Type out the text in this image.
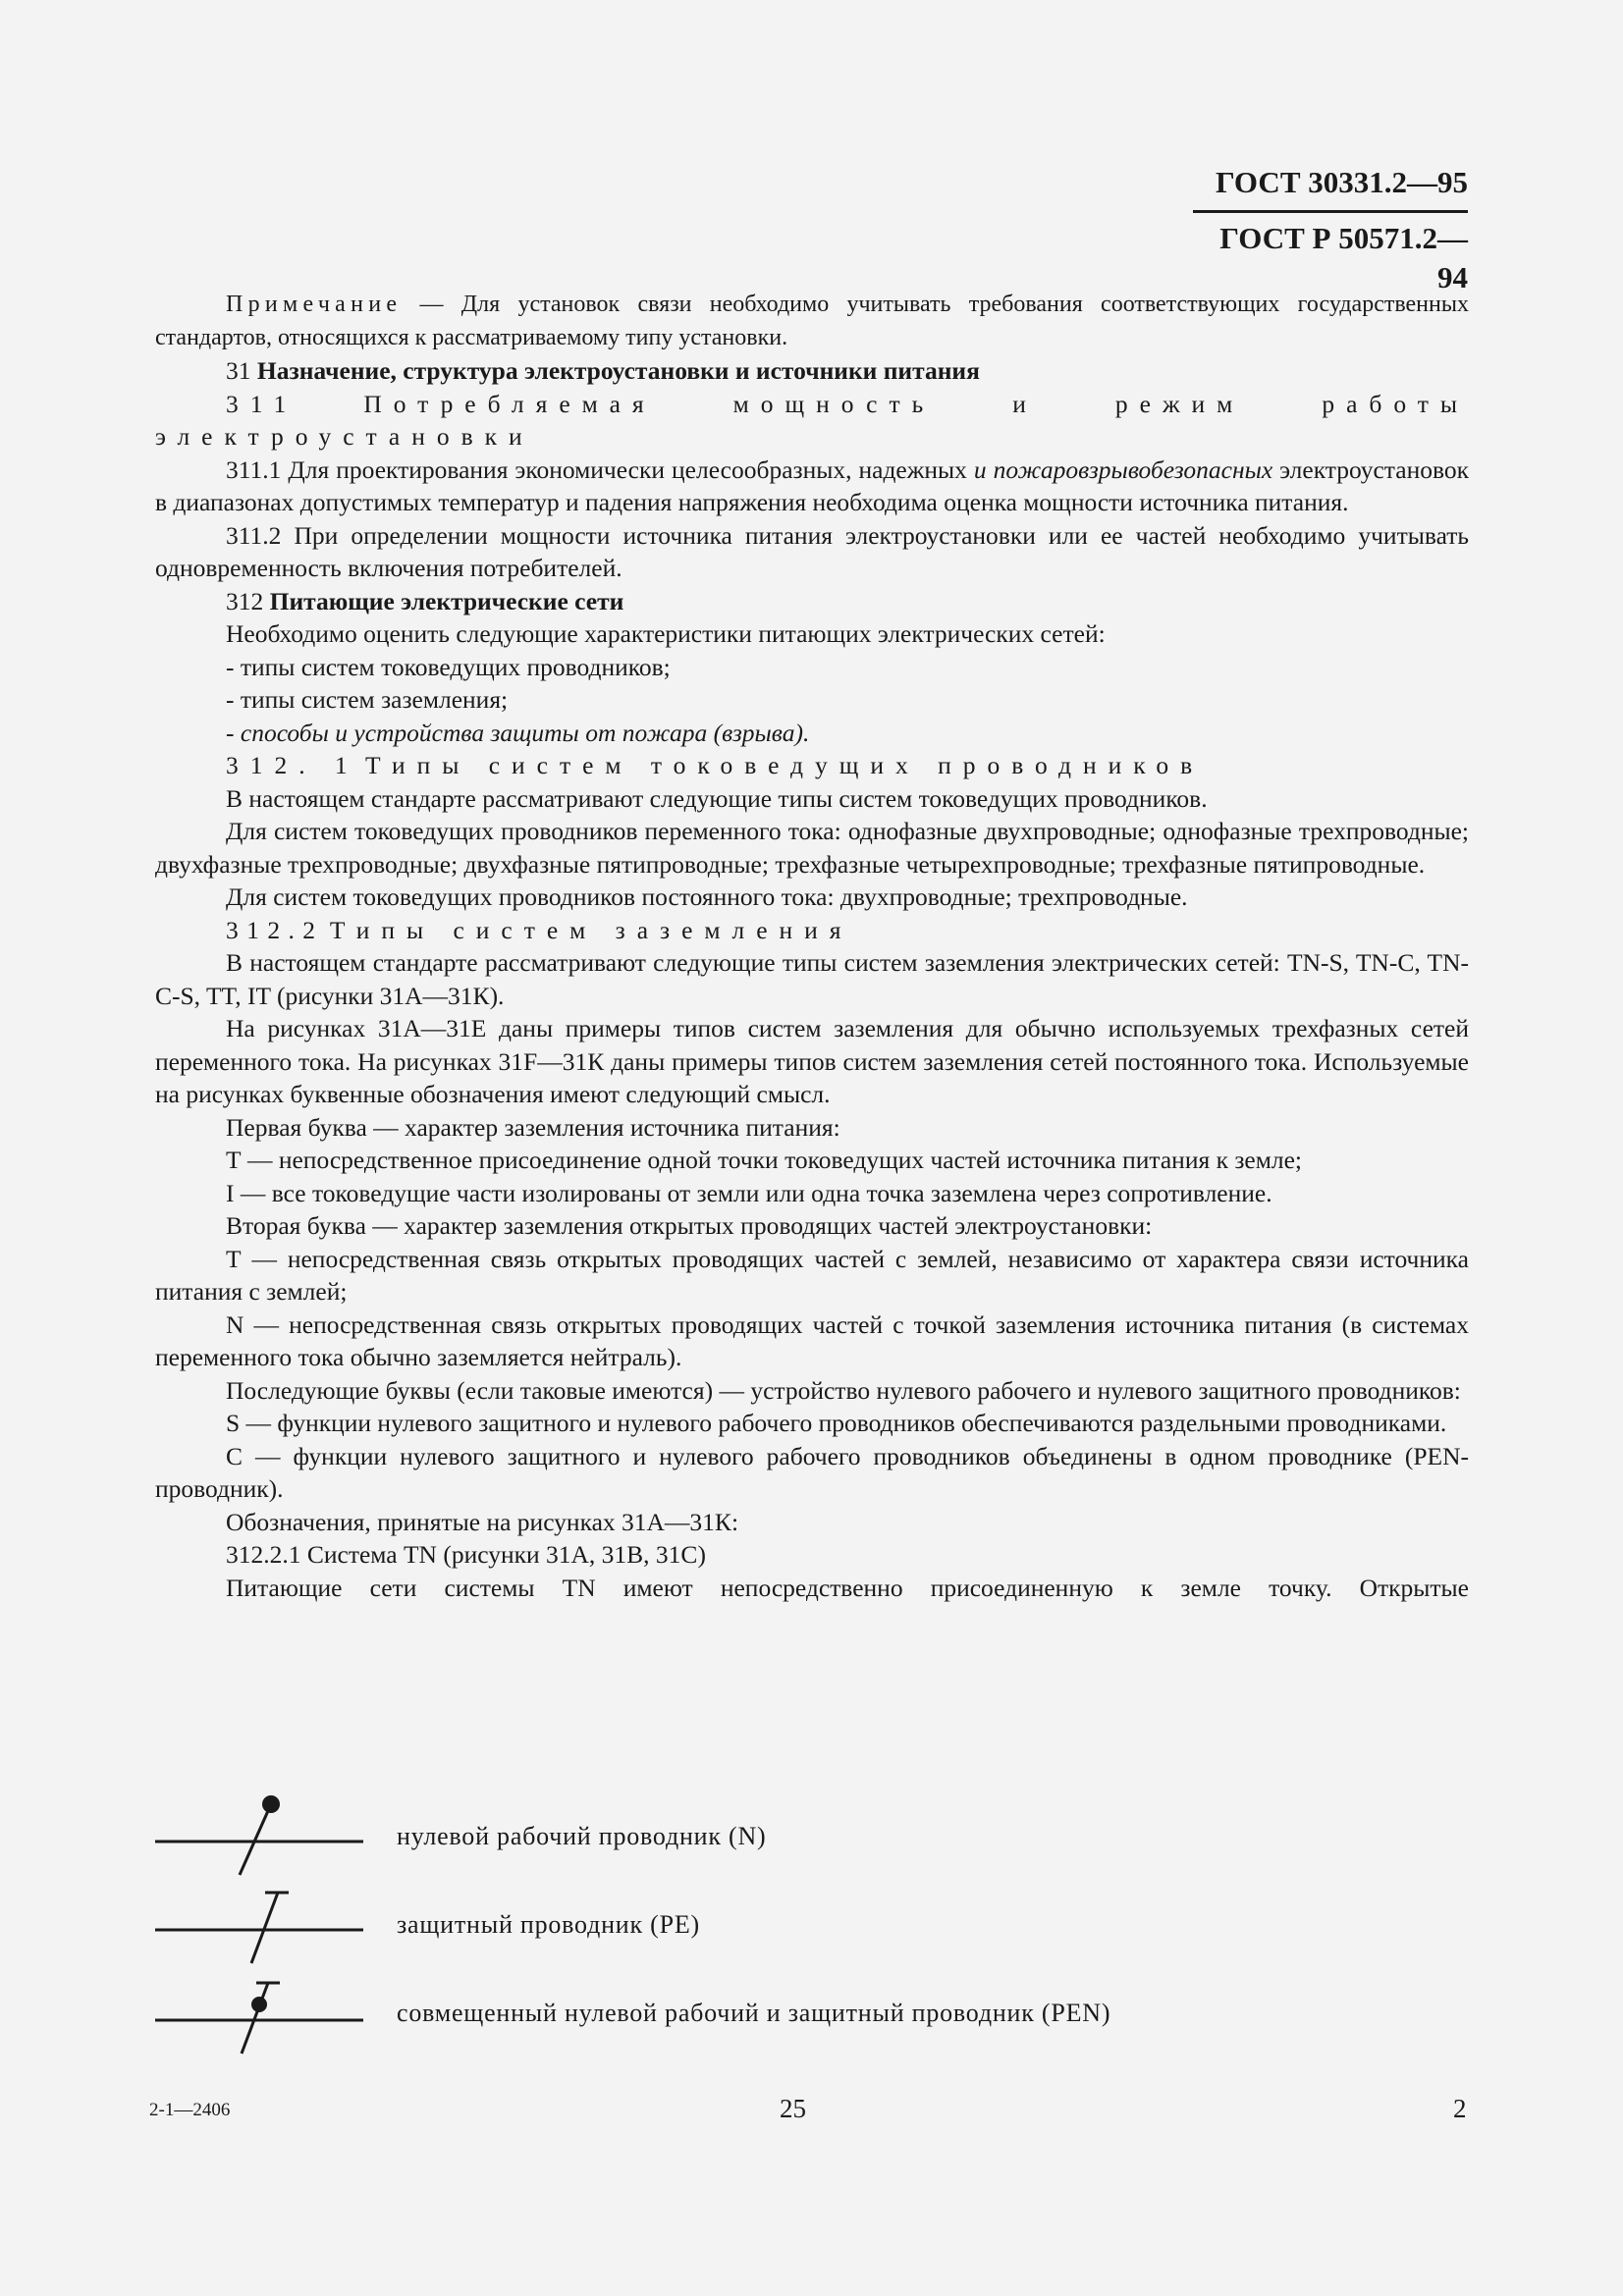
ГОСТ 30331.2—95
ГОСТ Р 50571.2—94

Примечание — Для установок связи необходимо учитывать требования соответствующих государственных стандартов, относящихся к рассматриваемому типу установки.

31 Назначение, структура электроустановки и источники питания

311	Потребляемая мощность и режим работы электроустановки

311.1 Для проектирования экономически целесообразных, надежных и пожаровзрывобезопасных электроустановок в диапазонах допустимых температур и падения напряжения необходима оценка мощности источника питания.

311.2 При определении мощности источника питания электроустановки или ее частей необходимо учитывать одновременность включения потребителей.

312 Питающие электрические сети

Необходимо оценить следующие характеристики питающих электрических сетей:

- типы систем токоведущих проводников;

- типы систем заземления;

- способы и устройства защиты от пожара (взрыва).

312. 1 Типы систем токоведущих проводников

В настоящем стандарте рассматривают следующие типы систем токоведущих проводников.

Для систем токоведущих проводников переменного тока: однофазные двухпроводные; однофазные трехпроводные; двухфазные трехпроводные; двухфазные пятипроводные; трехфазные четырехпроводные; трехфазные пятипроводные.

Для систем токоведущих проводников постоянного тока: двухпроводные; трехпроводные.

312.2 Типы систем заземления

В настоящем стандарте рассматривают следующие типы систем заземления электрических сетей: TN-S, TN-C, TN-C-S, TT, IT (рисунки 31А—31К).

На рисунках 31А—31Е даны примеры типов систем заземления для обычно используемых трехфазных сетей переменного тока. На рисунках 31F—31К даны примеры типов систем заземления сетей постоянного тока. Используемые на рисунках буквенные обозначения имеют следующий смысл.

Первая буква — характер заземления источника питания:

Т — непосредственное присоединение одной точки токоведущих частей источника питания к земле;

I — все токоведущие части изолированы от земли или одна точка заземлена через сопротивление.

Вторая буква — характер заземления открытых проводящих частей электроустановки:

Т — непосредственная связь открытых проводящих частей с землей, независимо от характера связи источника питания с землей;

N — непосредственная связь открытых проводящих частей с точкой заземления источника питания (в системах переменного тока обычно заземляется нейтраль).

Последующие буквы (если таковые имеются) — устройство нулевого рабочего и нулевого защитного проводников:

S — функции нулевого защитного и нулевого рабочего проводников обеспечиваются раздельными проводниками.

С — функции нулевого защитного и нулевого рабочего проводников объединены в одном проводнике (PEN-проводник).

Обозначения, принятые на рисунках 31А—31К:

312.2.1 Система TN (рисунки 31А, 31В, 31С)

Питающие сети системы TN имеют непосредственно присоединенную к земле точку. Открытые

нулевой рабочий проводник (N)
защитный проводник (PE)
совмещенный нулевой рабочий и защитный проводник (PEN)
2-1—2406	25	2
